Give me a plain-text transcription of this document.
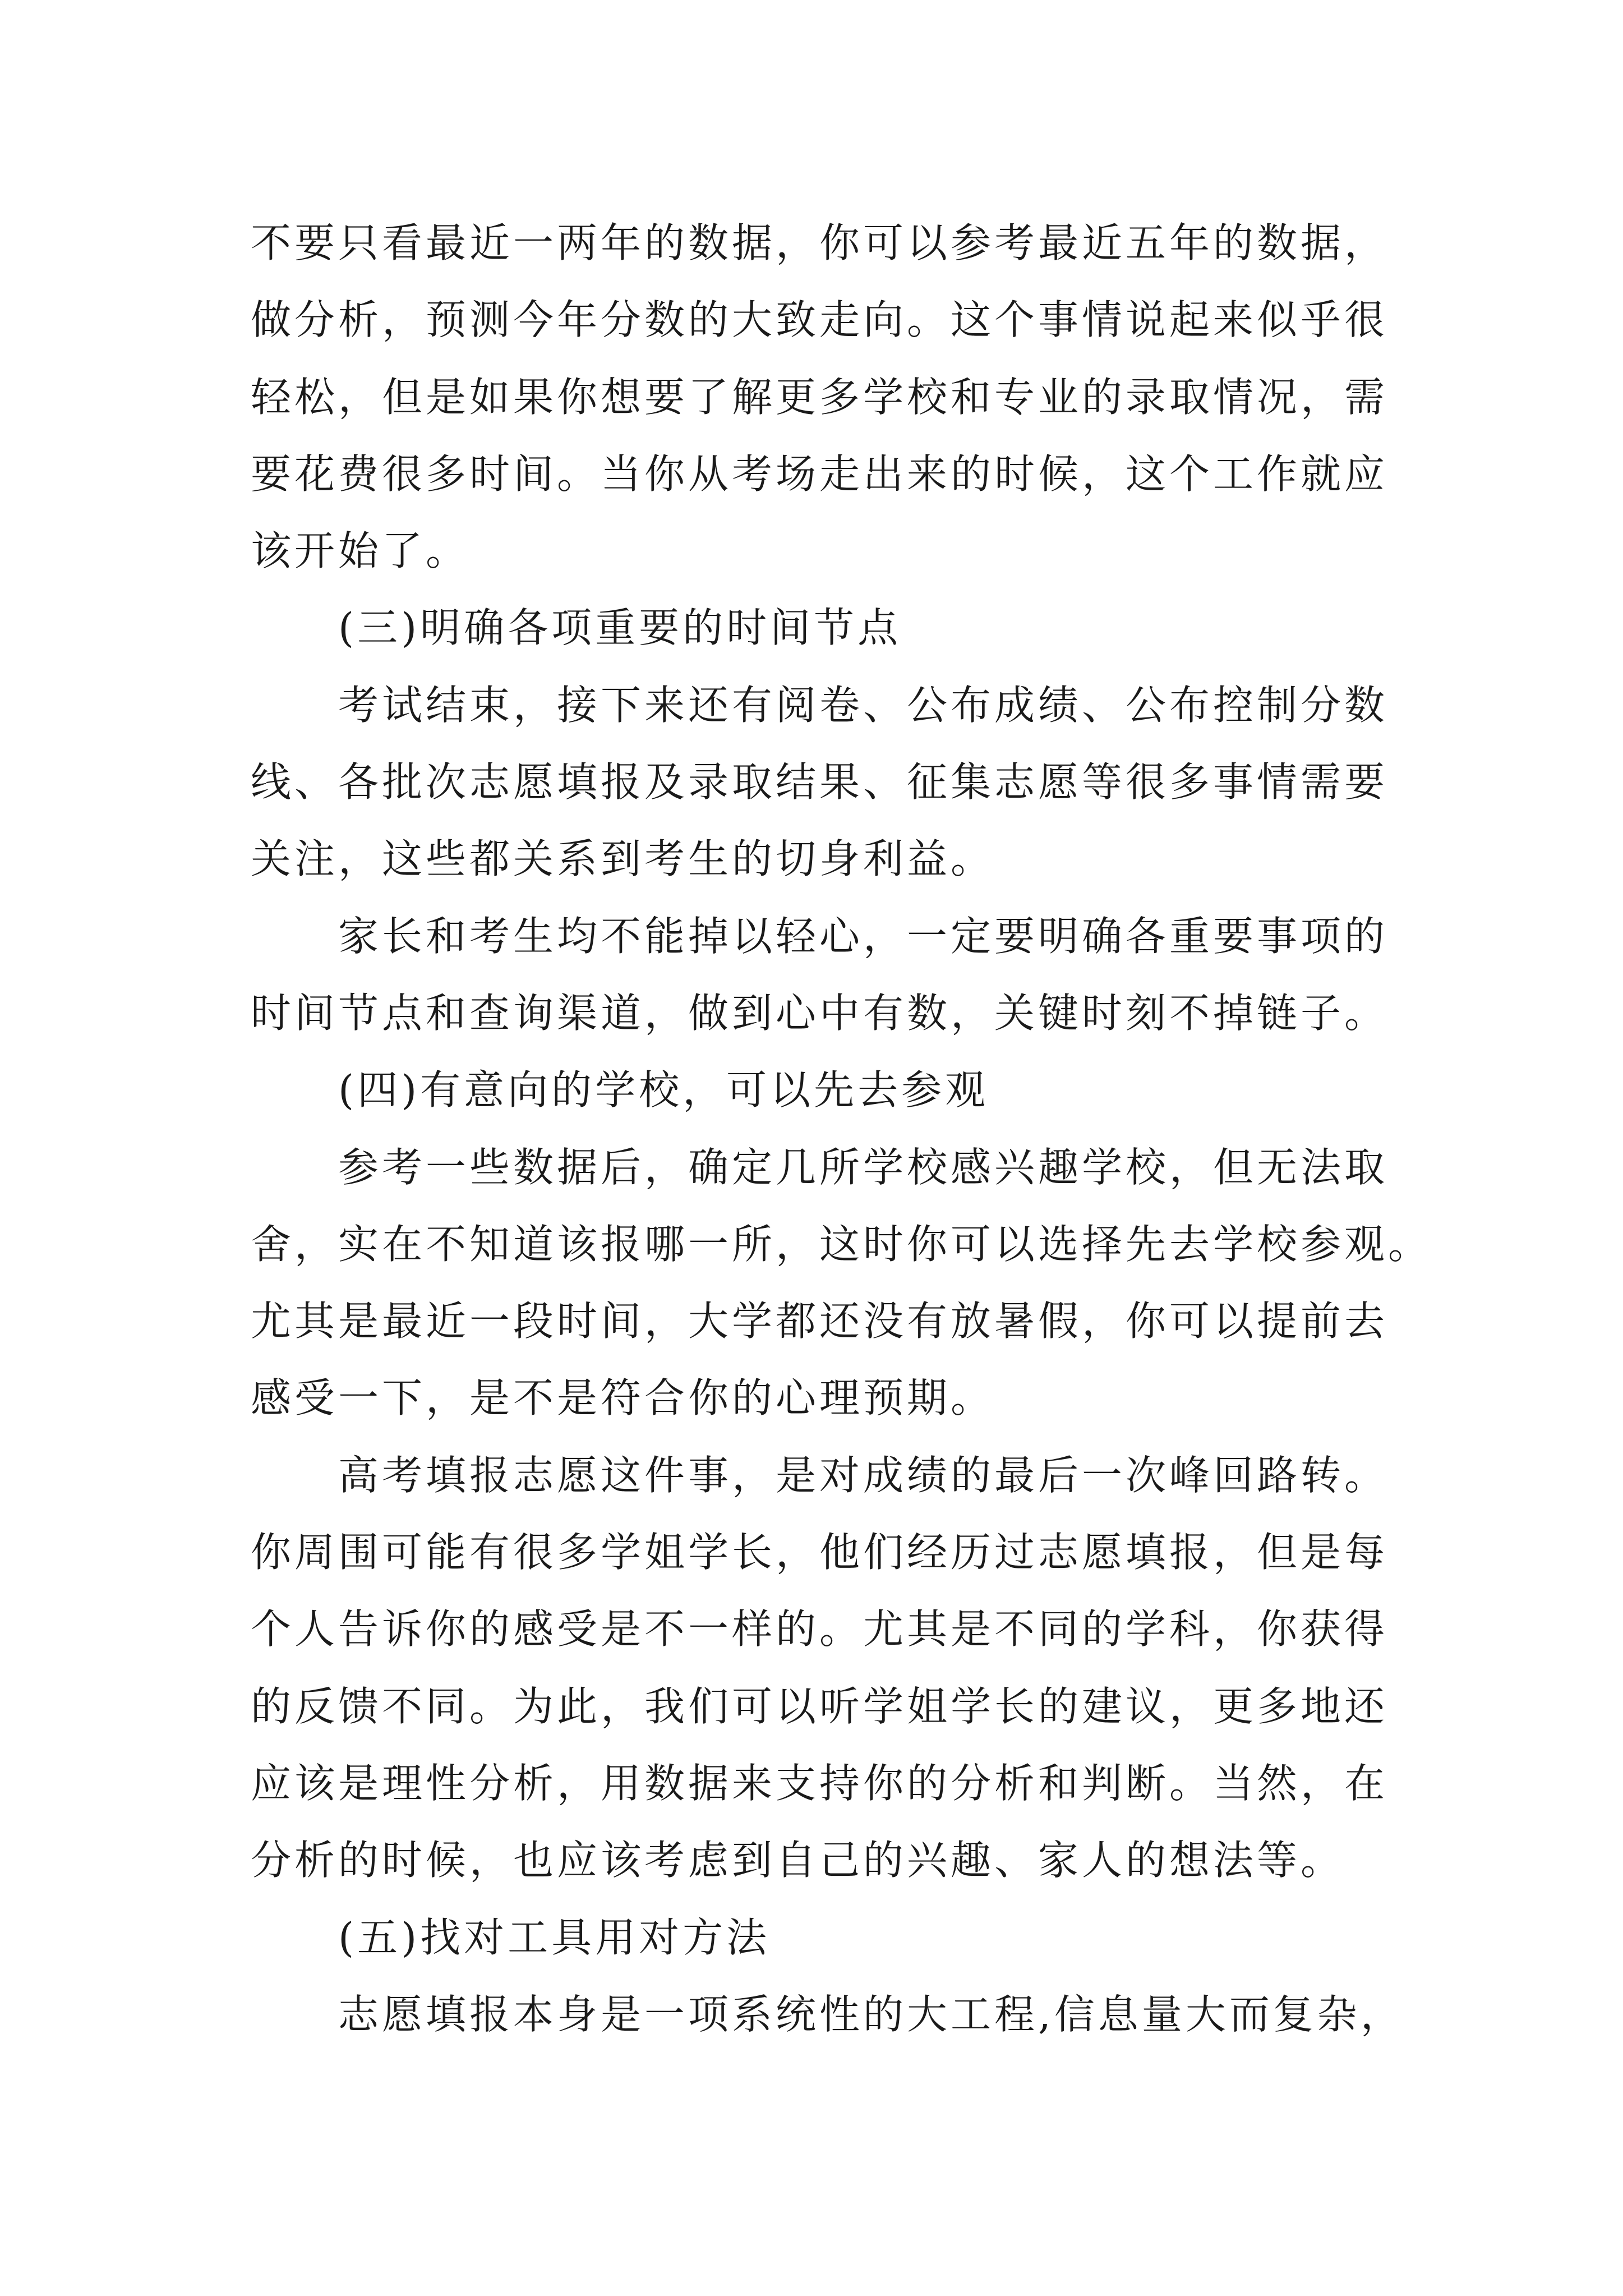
不要只看最近一两年的数据，你可以参考最近五年的数据，
做分析，预测今年分数的大致走向。这个事情说起来似乎很
轻松，但是如果你想要了解更多学校和专业的录取情况，需
要花费很多时间。当你从考场走出来的时候，这个工作就应
该开始了。
(三)明确各项重要的时间节点
考试结束，接下来还有阅卷、公布成绩、公布控制分数
线、各批次志愿填报及录取结果、征集志愿等很多事情需要
关注，这些都关系到考生的切身利益。
家长和考生均不能掉以轻心，一定要明确各重要事项的
时间节点和查询渠道，做到心中有数，关键时刻不掉链子。
(四)有意向的学校，可以先去参观
参考一些数据后，确定几所学校感兴趣学校，但无法取
舍，实在不知道该报哪一所，这时你可以选择先去学校参观。
尤其是最近一段时间，大学都还没有放暑假，你可以提前去
感受一下，是不是符合你的心理预期。
高考填报志愿这件事，是对成绩的最后一次峰回路转。
你周围可能有很多学姐学长，他们经历过志愿填报，但是每
个人告诉你的感受是不一样的。尤其是不同的学科，你获得
的反馈不同。为此，我们可以听学姐学长的建议，更多地还
应该是理性分析，用数据来支持你的分析和判断。当然，在
分析的时候，也应该考虑到自己的兴趣、家人的想法等。
(五)找对工具用对方法
志愿填报本身是一项系统性的大工程,信息量大而复杂，
